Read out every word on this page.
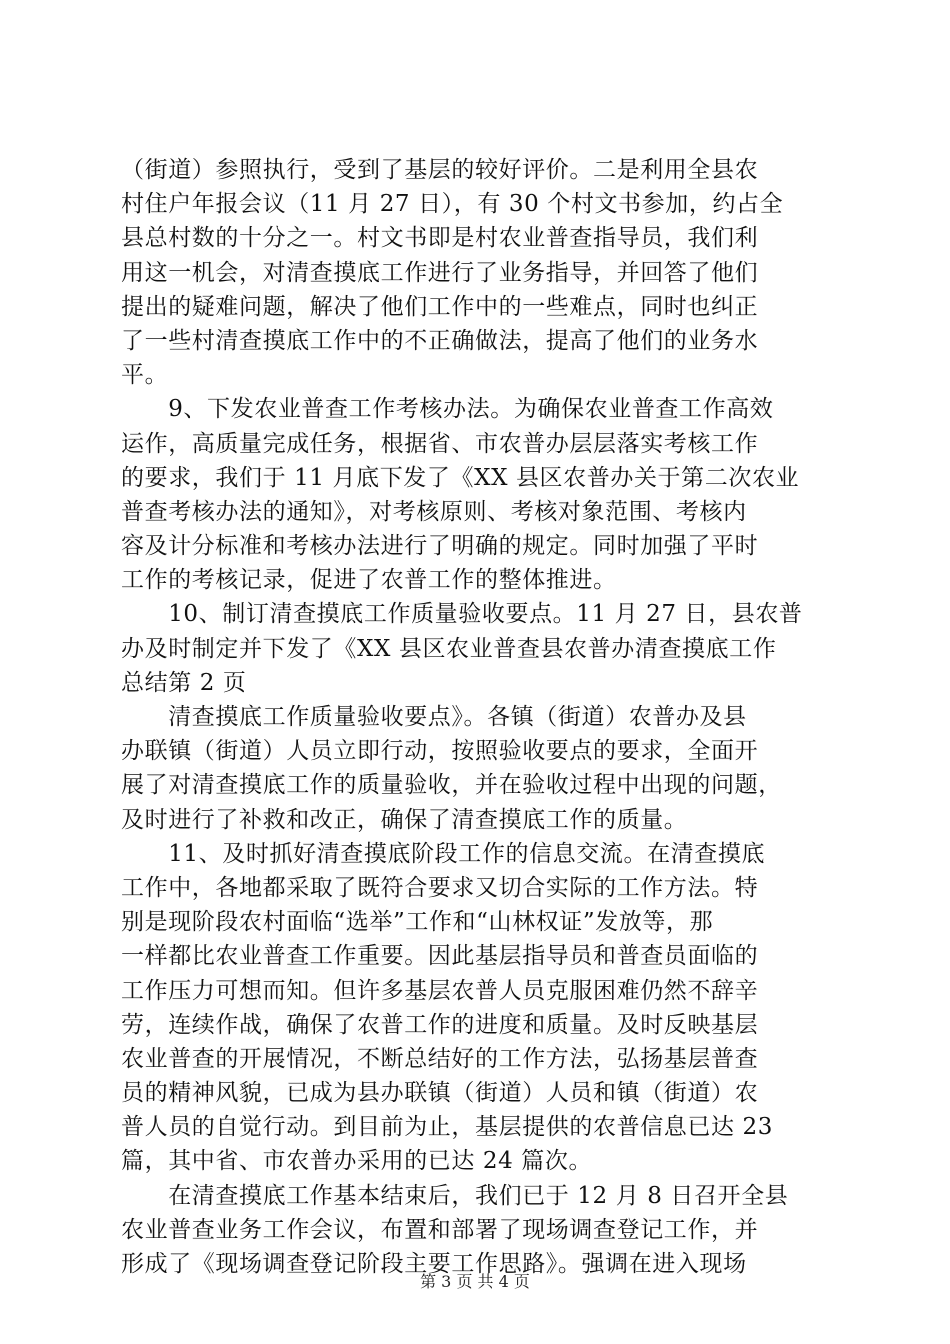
（街道）参照执行，受到了基层的较好评价。二是利用全县农
村住户年报会议（11 月 27 日），有 30 个村文书参加，约占全
县总村数的十分之一。村文书即是村农业普查指导员，我们利
用这一机会，对清查摸底工作进行了业务指导，并回答了他们
提出的疑难问题，解决了他们工作中的一些难点，同时也纠正
了一些村清查摸底工作中的不正确做法，提高了他们的业务水
平。
　　9、下发农业普查工作考核办法。为确保农业普查工作高效
运作，高质量完成任务，根据省、市农普办层层落实考核工作
的要求，我们于 11 月底下发了《XX 县区农普办关于第二次农业
普查考核办法的通知》，对考核原则、考核对象范围、考核内
容及计分标准和考核办法进行了明确的规定。同时加强了平时
工作的考核记录，促进了农普工作的整体推进。
　　10、制订清查摸底工作质量验收要点。11 月 27 日，县农普
办及时制定并下发了《XX 县区农业普查县农普办清查摸底工作
总结第 2 页
　　清查摸底工作质量验收要点》。各镇（街道）农普办及县
办联镇（街道）人员立即行动，按照验收要点的要求，全面开
展了对清查摸底工作的质量验收，并在验收过程中出现的问题，
及时进行了补救和改正，确保了清查摸底工作的质量。
　　11、及时抓好清查摸底阶段工作的信息交流。在清查摸底
工作中，各地都采取了既符合要求又切合实际的工作方法。特
别是现阶段农村面临“选举”工作和“山林权证”发放等，那
一样都比农业普查工作重要。因此基层指导员和普查员面临的
工作压力可想而知。但许多基层农普人员克服困难仍然不辞辛
劳，连续作战，确保了农普工作的进度和质量。及时反映基层
农业普查的开展情况，不断总结好的工作方法，弘扬基层普查
员的精神风貌，已成为县办联镇（街道）人员和镇（街道）农
普人员的自觉行动。到目前为止，基层提供的农普信息已达 23
篇，其中省、市农普办采用的已达 24 篇次。
　　在清查摸底工作基本结束后，我们已于 12 月 8 日召开全县
农业普查业务工作会议，布置和部署了现场调查登记工作，并
形成了《现场调查登记阶段主要工作思路》。强调在进入现场
第 3 页 共 4 页
